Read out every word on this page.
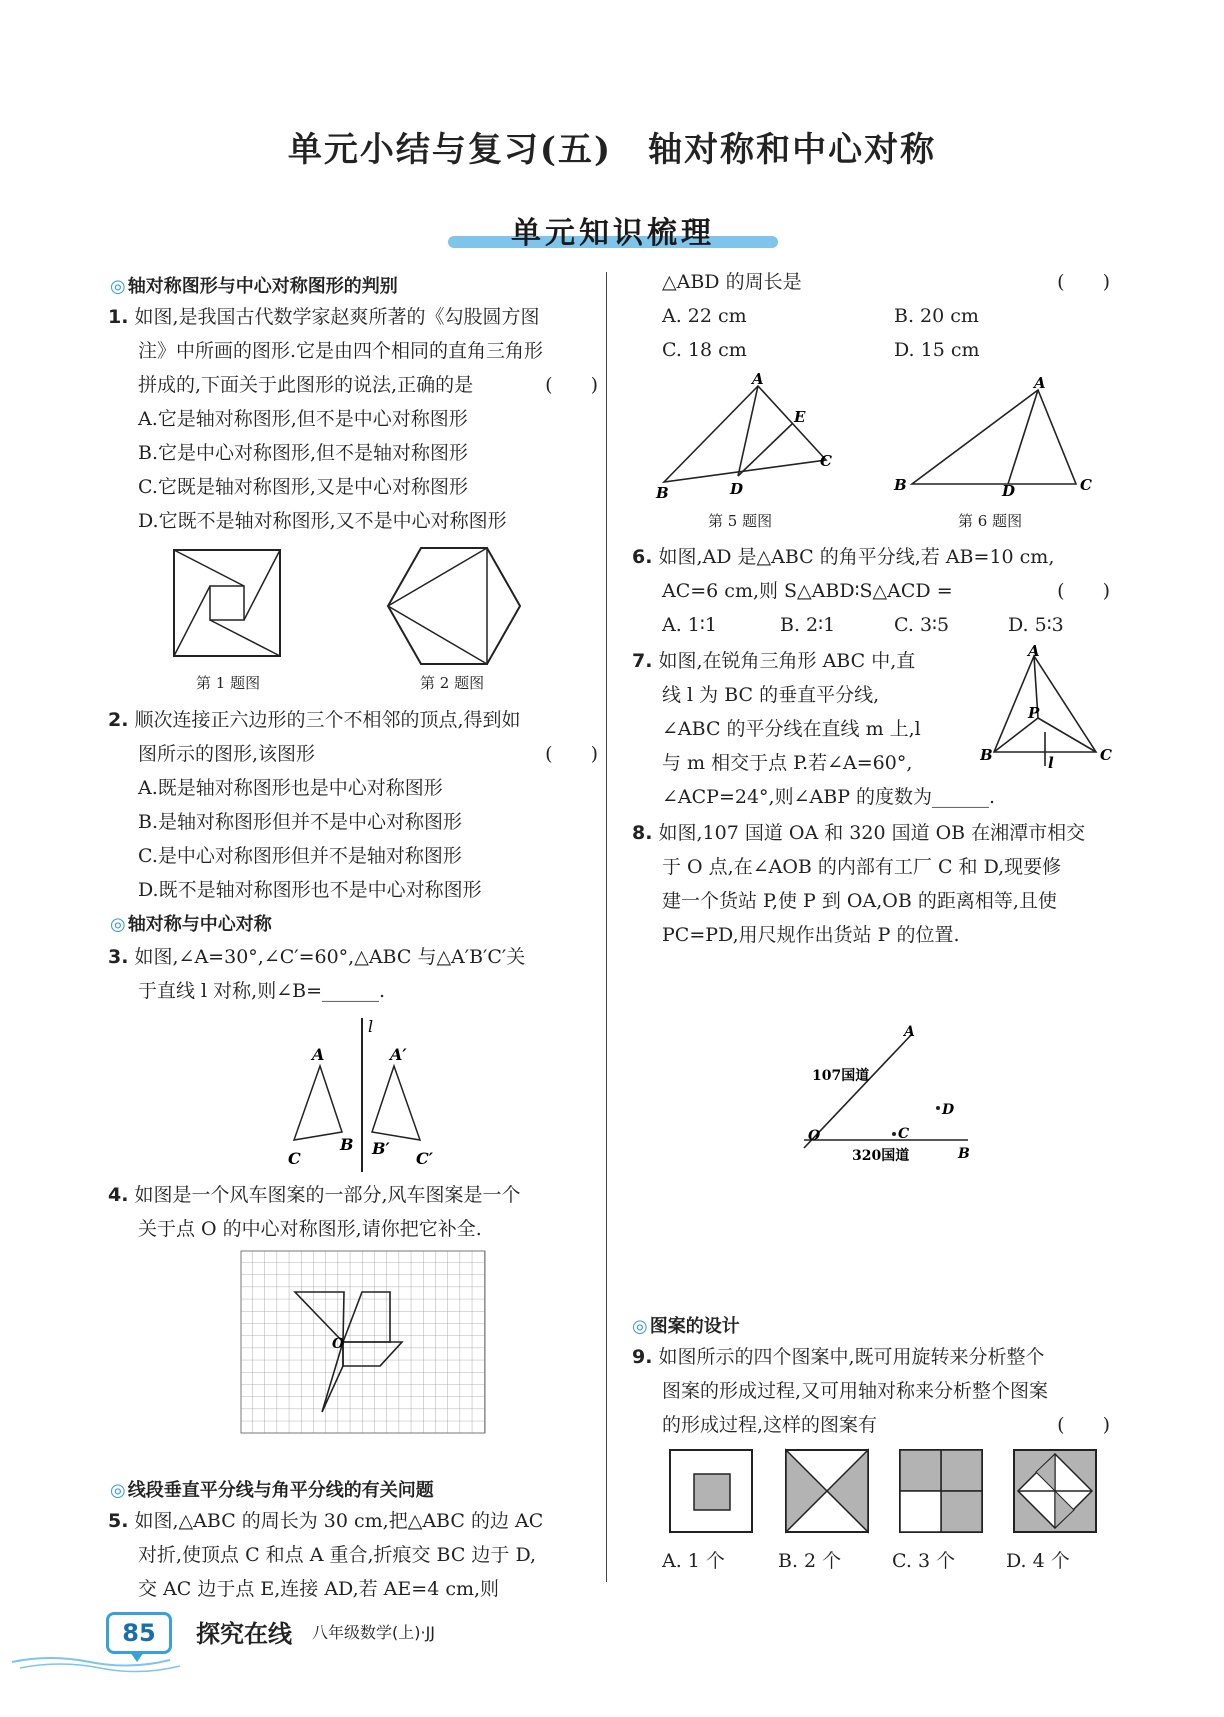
单元小结与复习(五)　轴对称和中心对称
单元知识梳理
◎ 轴对称图形与中心对称图形的判别
1. 如图,是我国古代数学家赵爽所著的《勾股圆方图
注》中所画的图形.它是由四个相同的直角三角形
拼成的,下面关于此图形的说法,正确的是	(　　)
A.它是轴对称图形,但不是中心对称图形
B.它是中心对称图形,但不是轴对称图形
C.它既是轴对称图形,又是中心对称图形
D.它既不是轴对称图形,又不是中心对称图形
第 1 题图	第 2 题图
2. 顺次连接正六边形的三个不相邻的顶点,得到如
图所示的图形,该图形	(　　)
A.既是轴对称图形也是中心对称图形
B.是轴对称图形但并不是中心对称图形
C.是中心对称图形但并不是轴对称图形
D.既不是轴对称图形也不是中心对称图形
◎ 轴对称与中心对称
3. 如图,∠A=30°,∠C′=60°,△ABC 与△A′B′C′关
于直线 l 对称,则∠B=______.
l
A	A′
B B′
C	C′
4. 如图是一个风车图案的一部分,风车图案是一个
关于点 O 的中心对称图形,请你把它补全.
O
◎ 线段垂直平分线与角平分线的有关问题
5. 如图,△ABC 的周长为 30 cm,把△ABC 的边 AC
对折,使顶点 C 和点 A 重合,折痕交 BC 边于 D,
交 AC 边于点 E,连接 AD,若 AE=4 cm,则
△ABD 的周长是	(　　)
A. 22 cm	B. 20 cm
C. 18 cm	D. 15 cm
A
B
C
D
E
第 5 题图
A
B	C
D
第 6 题图
6. 如图,AD 是△ABC 的角平分线,若 AB=10 cm,
AC=6 cm,则 S△ABD∶S△ACD =	(　　)
A. 1∶1	B. 2∶1	C. 3∶5	D. 5∶3
7. 如图,在锐角三角形 ABC 中,直
线 l 为 BC 的垂直平分线,
∠ABC 的平分线在直线 m 上,l
与 m 相交于点 P.若∠A=60°,
∠ACP=24°,则∠ABP 的度数为______.
A
B	C
P
l
8. 如图,107 国道 OA 和 320 国道 OB 在湘潭市相交
于 O 点,在∠AOB 的内部有工厂 C 和 D,现要修
建一个货站 P,使 P 到 OA,OB 的距离相等,且使
PC=PD,用尺规作出货站 P 的位置.
A
B
O	C
D
107国道
320国道
◎ 图案的设计
9. 如图所示的四个图案中,既可用旋转来分析整个
图案的形成过程,又可用轴对称来分析整个图案
的形成过程,这样的图案有	(　　)
A. 1 个	B. 2 个	C. 3 个	D. 4 个
85	探究在线 八年级数学(上)·JJ
